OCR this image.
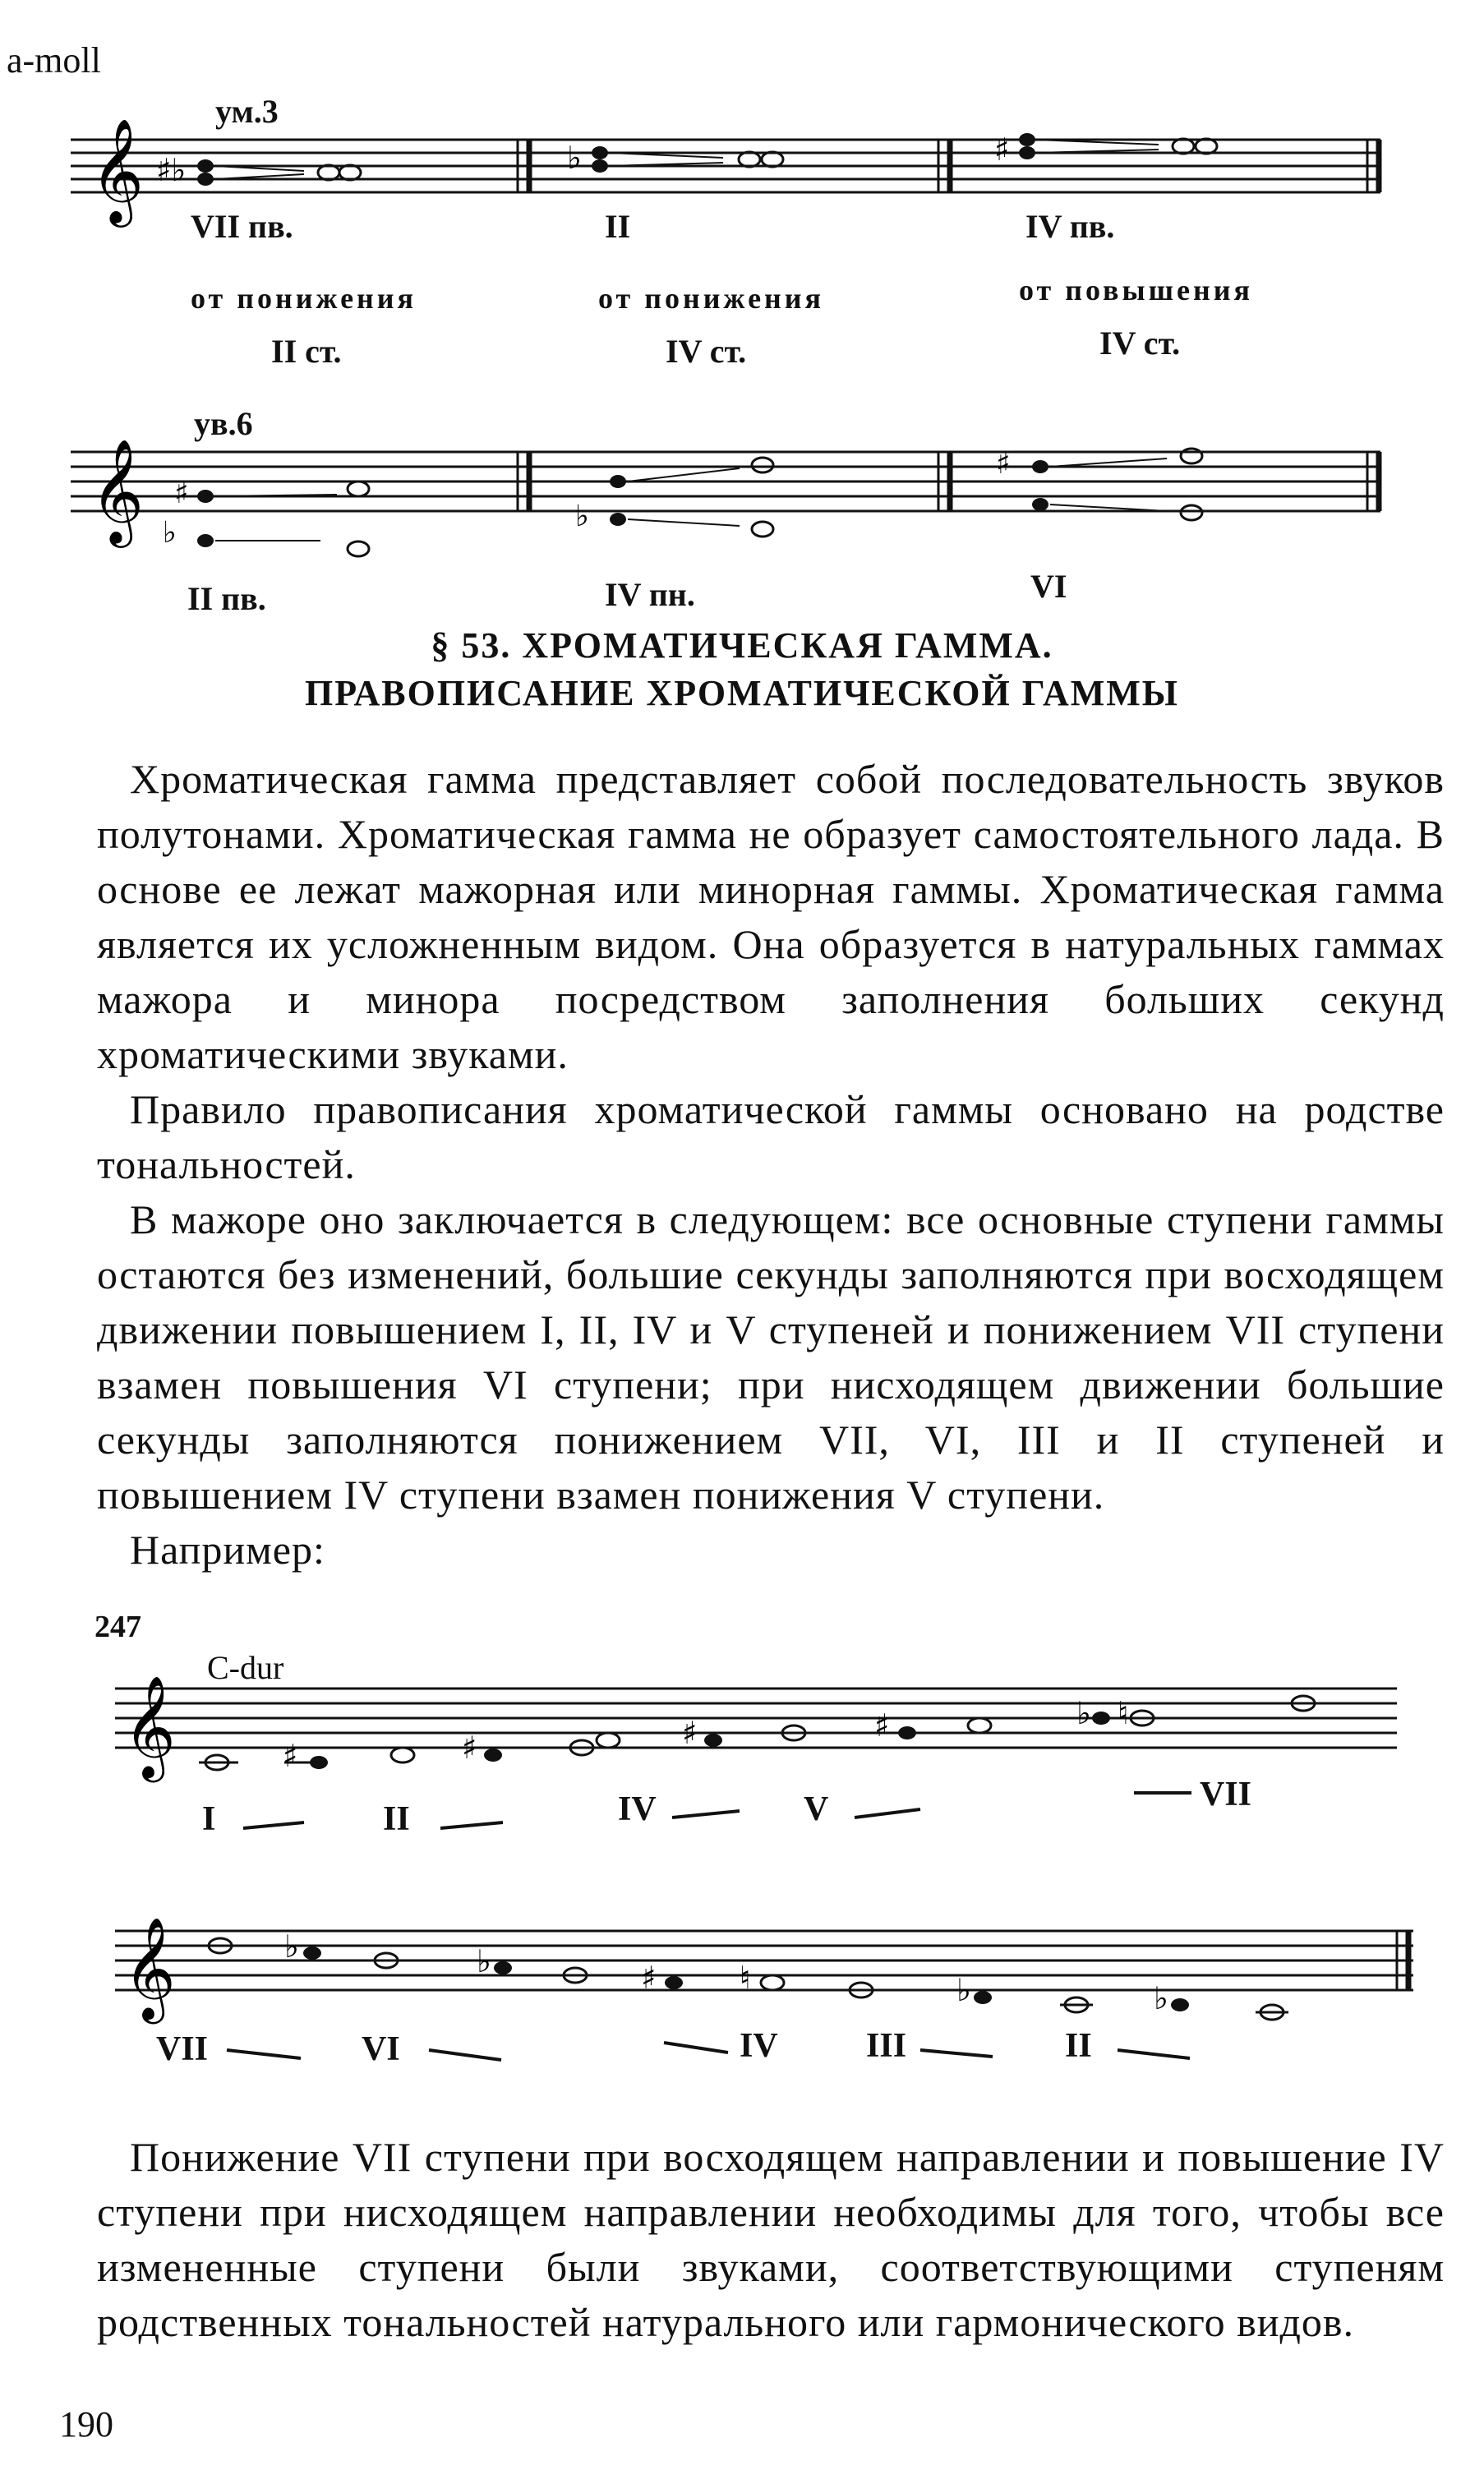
a-moll
𝄞 ♯♭	♭	♯
ум.3
VII пв.	II	IV пв.
от понижения	от понижения	от повышения
II ст.	IV ст.	IV ст.
ув.6
𝄞 ♯
♭	♭
♯
II пв.	IV пн.	VI
§ 53. ХРОМАТИЧЕСКАЯ ГАММА.
ПРАВОПИСАНИЕ ХРОМАТИЧЕСКОЙ ГАММЫ

Хроматическая гамма представляет собой последовательность звуков полутонами. Хроматическая гамма не образует самостоятельного лада. В основе ее лежат мажорная или минорная гаммы. Хроматическая гамма является их усложненным видом. Она образуется в натуральных гаммах мажора и минора посредством заполнения больших секунд хроматическими звуками.

Правило правописания хроматической гаммы основано на родстве тональностей.

В мажоре оно заключается в следующем: все основные ступени гаммы остаются без изменений, большие секунды заполняются при восходящем движении повышением I, II, IV и V ступеней и понижением VII ступени взамен повышения VI ступени; при нисходящем движении большие секунды заполняются понижением VII, VI, III и II ступеней и повышением IV ступени взамен понижения V ступени.

Например:

247
C-dur
𝄞	♯	♯	♯	♯	♭ ♮
I	II	IV	V	VII
𝄞	♭	♭	♯	♮	♭	♭
VII	VI	IV	III	II

Понижение VII ступени при восходящем направлении и повышение IV ступени при нисходящем направлении необходимы для того, чтобы все измененные ступени были звуками, соответствующими ступеням родственных тональностей натурального или гармонического видов.

190
